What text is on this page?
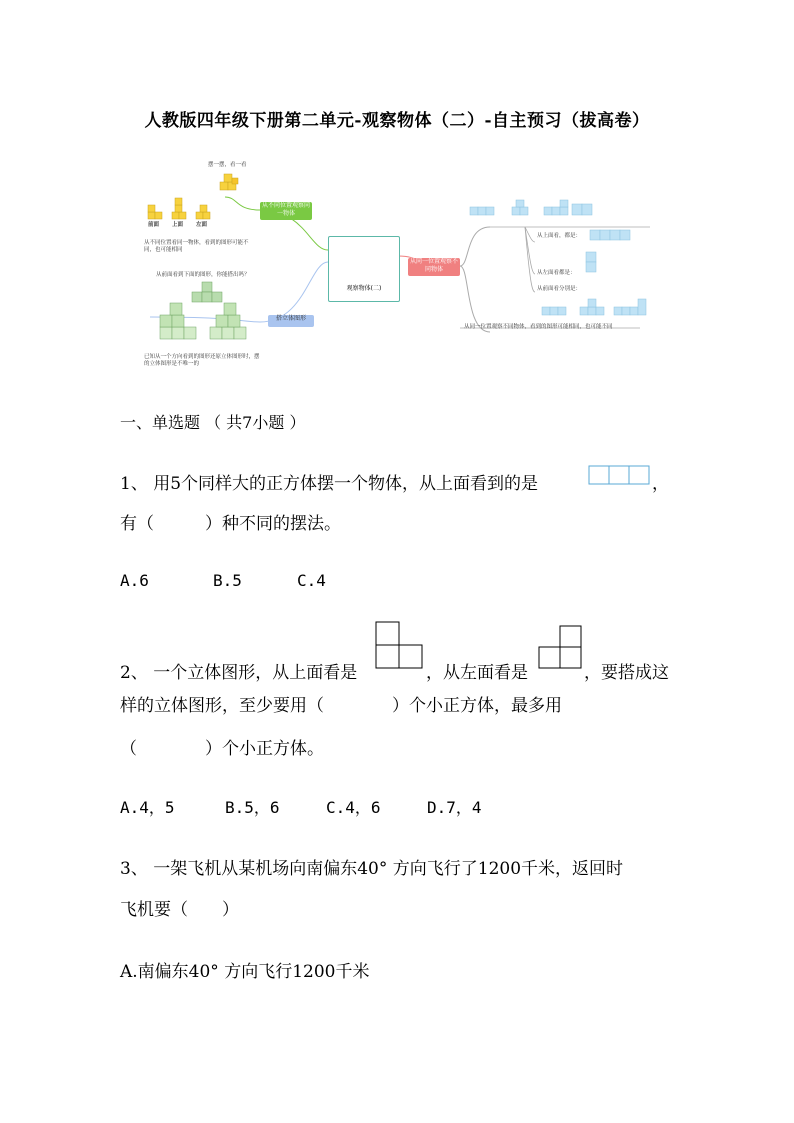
人教版四年级下册第二单元-观察物体（二）-自主预习（拔高卷）
观察物体(二)
从不同位置观察同一物体
摆一摆，看一看
前面 上面 左面
从不同位置看同一物体，看到的图形可能不同，也可能相同
从前面看到下面的图形，你能搭出吗？
搭立体图形
已知从一个方向看到的图形还原立体图形时，摆的立体图形是不唯一的
从同一位置观察不同物体
从上面看，都是：
从左面看都是：
从前面看分别是：
从同一位置观察不同物体，看到的图形可能相同，也可能不同
一、单选题 （ 共7小题 ）
1、 用5个同样大的正方体摆一个物体，从上面看到的是	，
有（　　　）种不同的摆法。
A.6	B.5	C.4
2、 一个立体图形，从上面看是	，从左面看是	，要搭成这
样的立体图形，至少要用（　　　　）个小正方体，最多用
（　　　　）个小正方体。
A.4，5	B.5，6	C.4，6	D.7，4
3、 一架飞机从某机场向南偏东40° 方向飞行了1200千米，返回时
飞机要（　　）
A.南偏东40° 方向飞行1200千米
